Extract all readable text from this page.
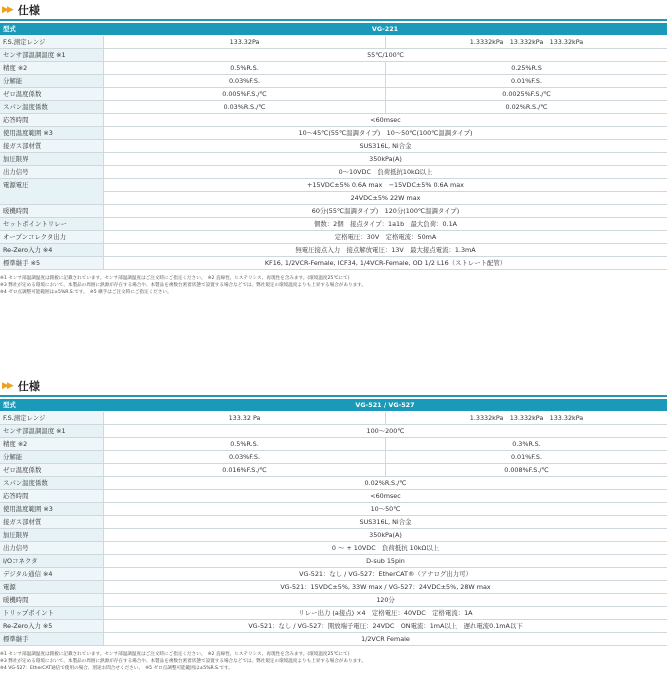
▶▶ 仕様
型式	VG-221
F.S.測定レンジ	133.32Pa	1.3332kPa　13.332kPa　133.32kPa
センサ部温調温度 ※1	55℃/100℃
精度 ※2	0.5%R.S.	0.25%R.S
分解能	0.03%F.S.	0.01%F.S.
ゼロ温度係数	0.005%F.S./℃	0.0025%F.S./℃
スパン温度係数	0.03%R.S./℃	0.02%R.S./℃
応答時間	<60msec
使用温度範囲 ※3	10〜45℃(55℃温調タイプ)　10〜50℃(100℃温調タイプ)
接ガス部材質	SUS316L, Ni合金
加圧限界	350kPa(A)
出力信号	0〜10VDC　負荷抵抗10kΩ以上
電源電圧	+15VDC±5% 0.6A max　−15VDC±5% 0.6A max
24VDC±5% 22W max
暖機時間	60分(55℃温調タイプ)　120分(100℃温調タイプ)
セットポイントリレー	個数：2個　接点タイプ：1a1b　最大負荷：0.1A
オープンコレクタ出力	定格電圧：30V　定格電流：50mA
Re-Zero入力 ※4	無電圧接点入力　接点解放電圧：13V　最大接点電流：1.3mA
標準継手 ※5	KF16, 1/2VCR-Female, ICF34, 1/4VCR-Female, OD 1/2 L16（ストレート配管）
※1 センサ部温調温度は銘板に記載されています。センサ部温調温度はご注文時にご指定ください。　※2 直線性、ヒステリシス、再現性を含みます。(環境温度25℃にて)
※3 弊社が定める環境において、本製品の周囲に熱源が存在する場合や、本製品を複数台密着状態で設置する場合などでは、弊社規定の環境温度よりも上昇する場合があります。
※4 ゼロ点調整可能範囲は±5%R.S.です。　※5 継手はご注文時にご指定ください。
▶▶ 仕様
型式	VG-521 / VG-527
F.S.測定レンジ	133.32 Pa	1.3332kPa　13.332kPa　133.32kPa
センサ部温調温度 ※1	100〜200℃
精度 ※2	0.5%R.S.	0.3%R.S.
分解能	0.03%F.S.	0.01%F.S.
ゼロ温度係数	0.016%F.S./℃	0.008%F.S./℃
スパン温度係数	0.02%R.S./℃
応答時間	<60msec
使用温度範囲 ※3	10〜50℃
接ガス部材質	SUS316L, Ni合金
加圧限界	350kPa(A)
出力信号	0 〜 + 10VDC　負荷抵抗 10kΩ以上
I/Oコネクタ	D-sub 15pin
デジタル通信 ※4	VG-521：なし / VG-527：EtherCAT®（アナログ出力可）
電源	VG-521：15VDC±5%, 33W max / VG-527：24VDC±5%, 28W max
暖機時間	120分
トリップポイント	リレー出力 (a接点) ×4　定格電圧：40VDC　定格電流：1A
Re-Zero入力 ※5	VG-521：なし / VG-527：開放端子電圧：24VDC　ON電流：1mA以上　遅れ電流0.1mA以下
標準継手	1/2VCR Female
※1 センサ部温調温度は銘板に記載されています。センサ部温調温度はご注文時にご指定ください。　※2 直線性、ヒステリシス、再現性を含みます。(環境温度25℃にて)
※3 弊社が定める環境において、本製品の周囲に熱源が存在する場合や、本製品を複数台密着状態で設置する場合などでは、弊社規定の環境温度よりも上昇する場合があります。
※4 VG-527：EtherCAT通信で使用の場合、別途お問合せください。　※5 ゼロ点調整可能範囲は±5%R.S.です。
